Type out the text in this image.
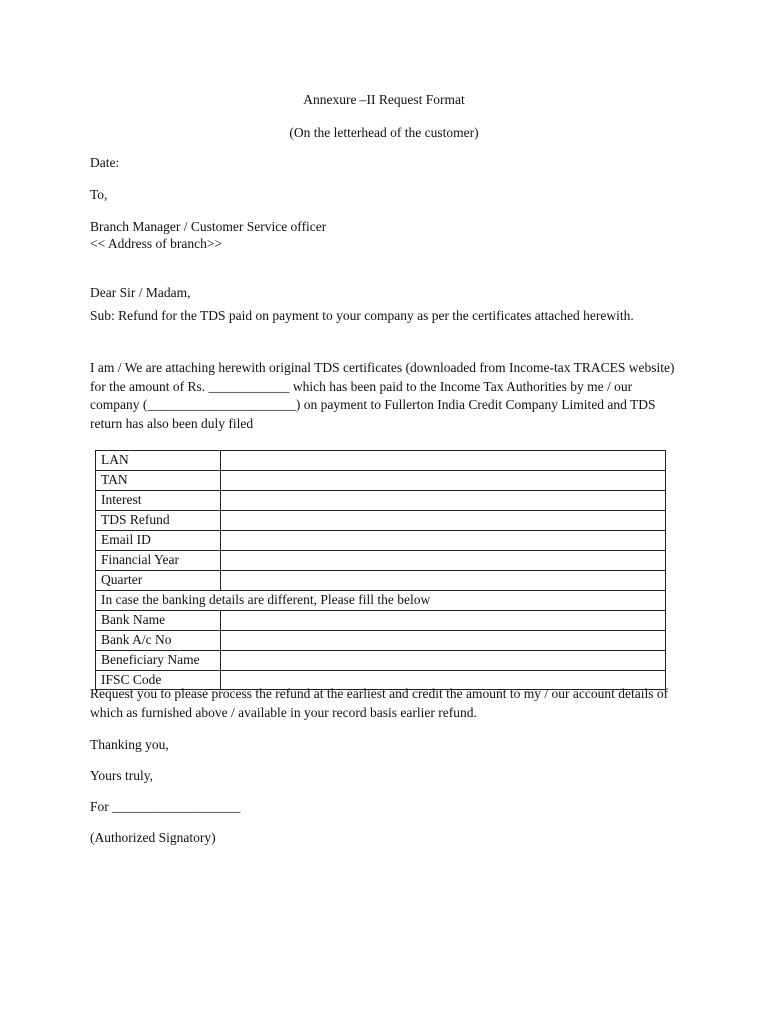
Annexure –II Request Format
(On the letterhead of the customer)
Date:
To,
Branch Manager / Customer Service officer
<< Address of branch>>
Dear Sir / Madam,
Sub: Refund for the TDS paid on payment to your company as per the certificates attached herewith.
I am / We are attaching herewith original TDS certificates (downloaded from Income-tax TRACES website) for the amount of Rs. ____________ which has been paid to the Income Tax Authorities by me / our company (______________________) on payment to Fullerton India Credit Company Limited and TDS return has also been duly filed
LAN	
TAN	
Interest	
TDS Refund	
Email ID	
Financial Year	
Quarter	
In case the banking details are different, Please fill the below	
Bank Name	
Bank A/c No	
Beneficiary Name	
IFSC Code	
Request you to please process the refund at the earliest and credit the amount to my / our account details of which as furnished above / available in your record basis earlier refund.
Thanking you,
Yours truly,
For ___________________
(Authorized Signatory)
